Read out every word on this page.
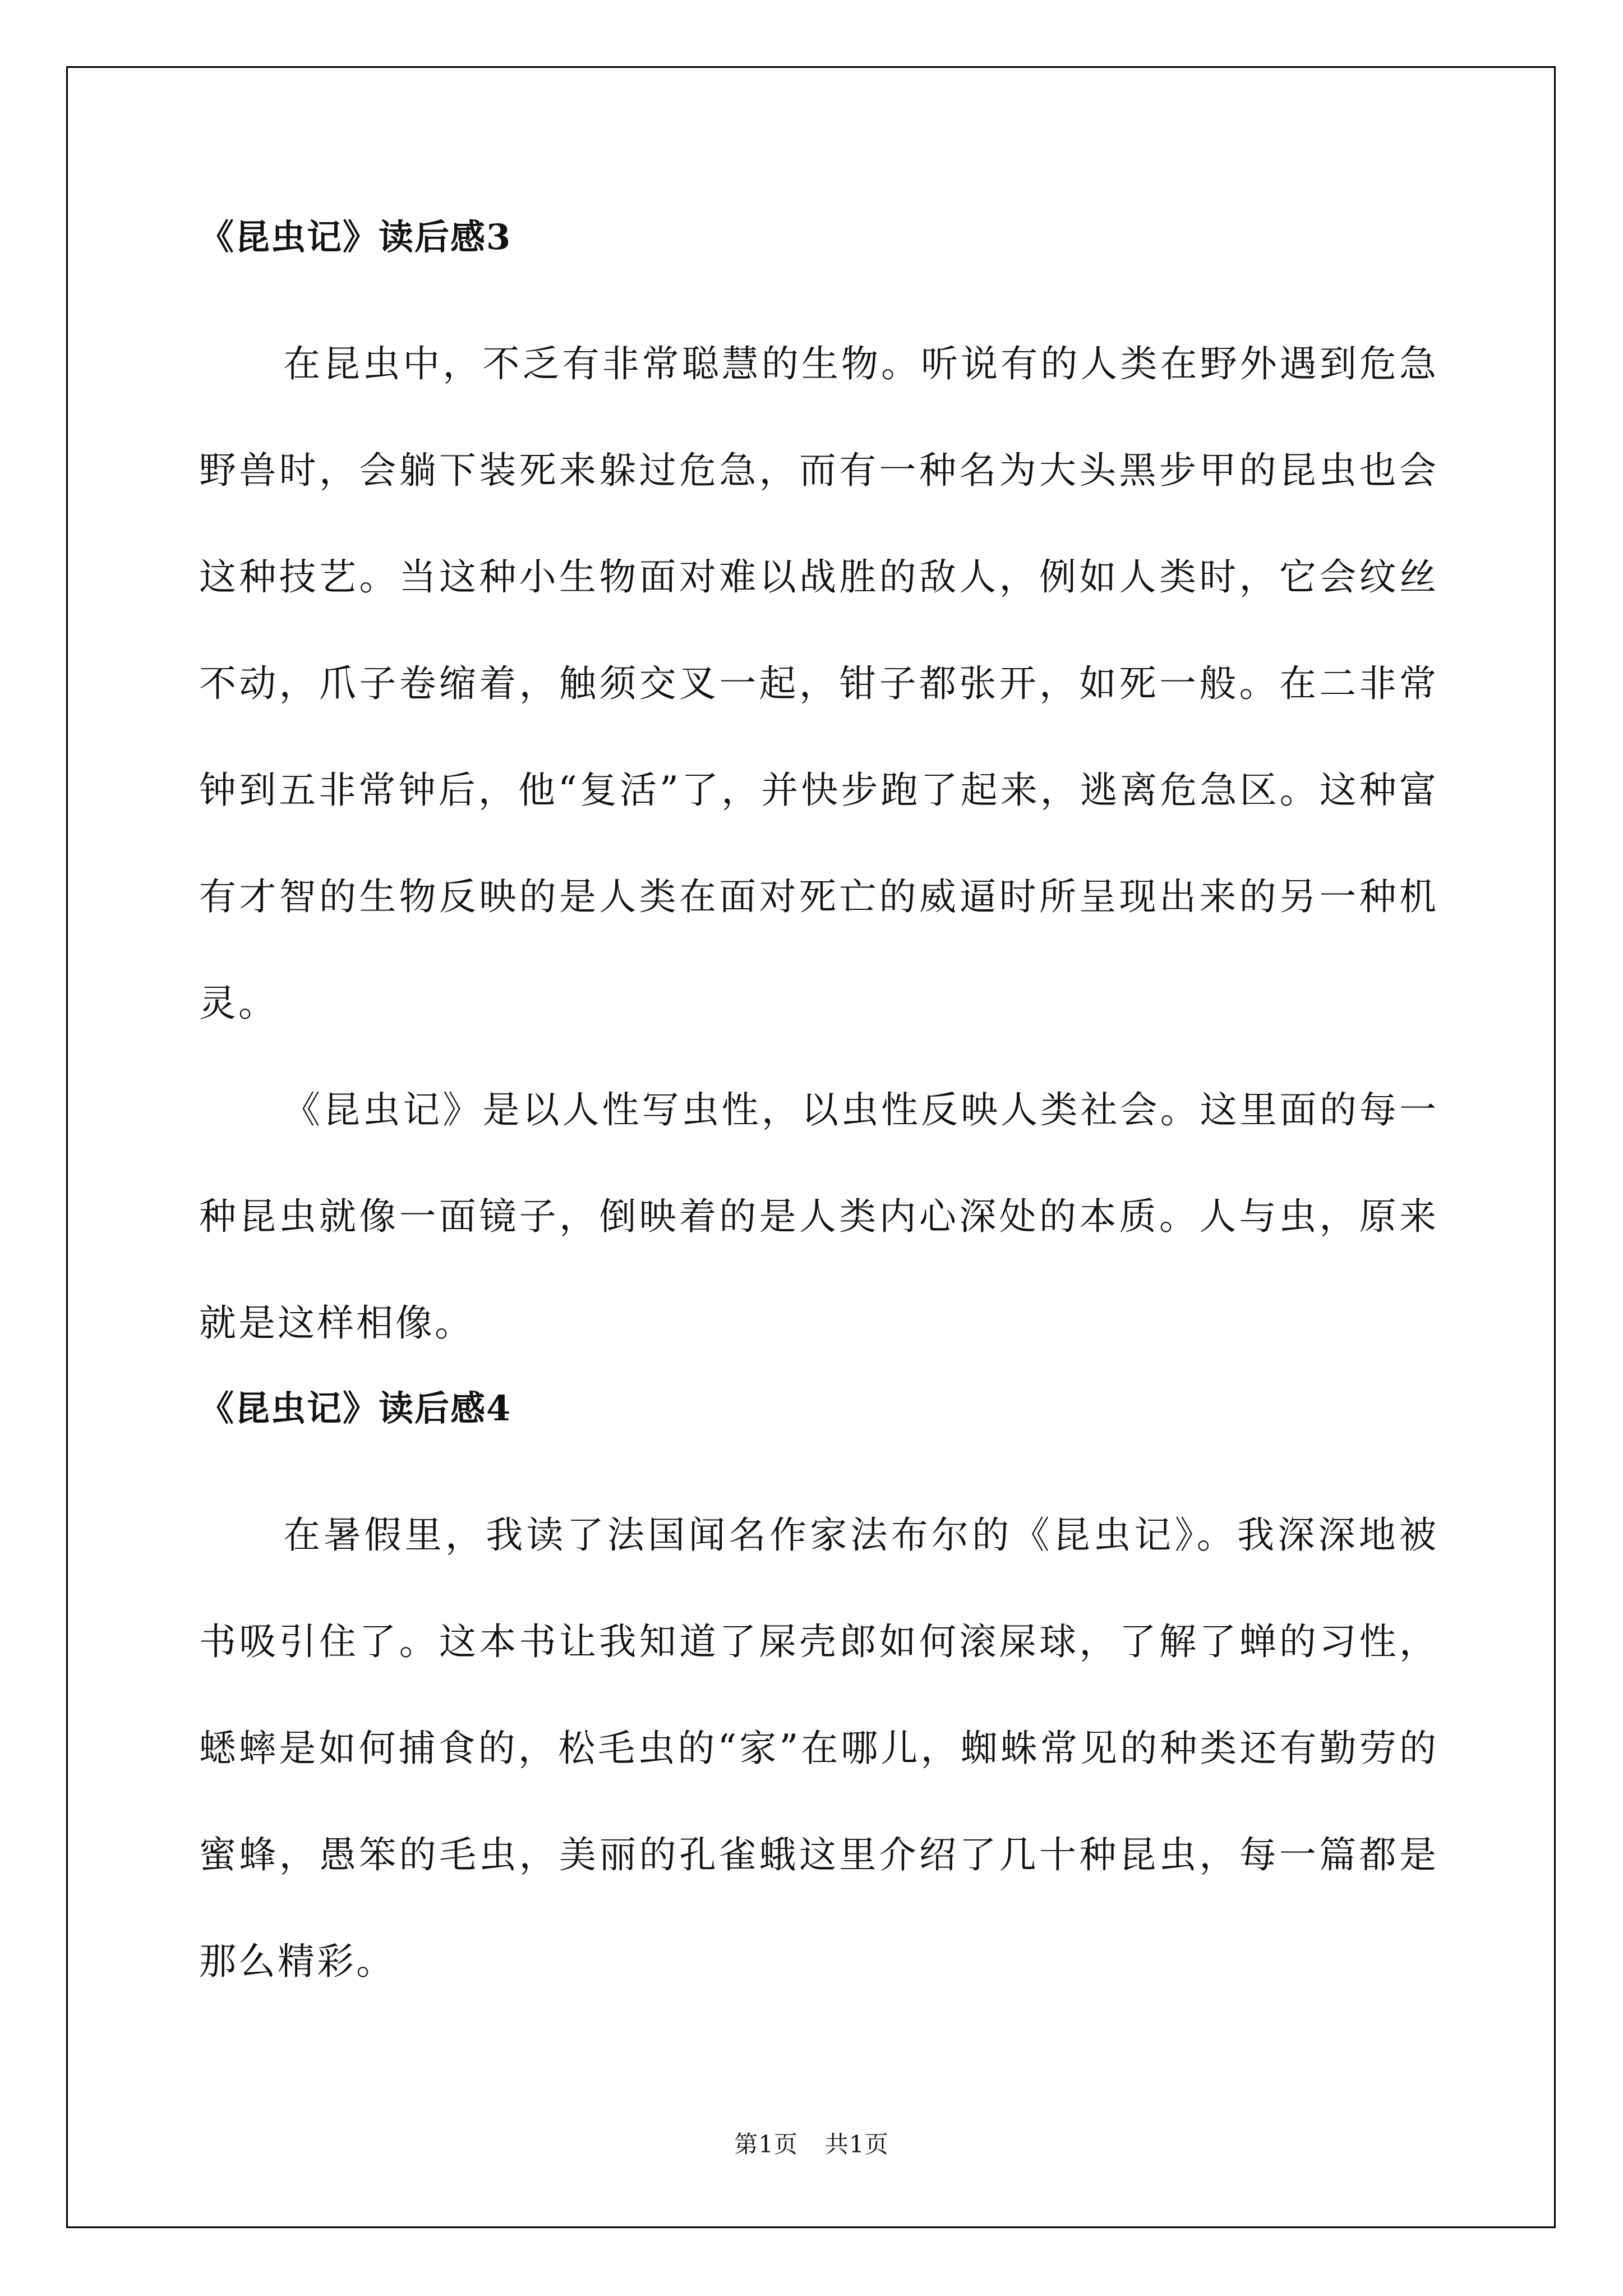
《昆虫记》读后感3

在昆虫中，不乏有非常聪慧的生物。听说有的人类在野外遇到危急野兽时，会躺下装死来躲过危急，而有一种名为大头黑步甲的昆虫也会这种技艺。当这种小生物面对难以战胜的敌人，例如人类时，它会纹丝不动，爪子卷缩着，触须交叉一起，钳子都张开，如死一般。在二非常钟到五非常钟后，他“复活”了，并快步跑了起来，逃离危急区。这种富有才智的生物反映的是人类在面对死亡的威逼时所呈现出来的另一种机灵。

《昆虫记》是以人性写虫性，以虫性反映人类社会。这里面的每一种昆虫就像一面镜子，倒映着的是人类内心深处的本质。人与虫，原来就是这样相像。

《昆虫记》读后感4

在暑假里，我读了法国闻名作家法布尔的《昆虫记》。我深深地被书吸引住了。这本书让我知道了屎壳郎如何滚屎球，了解了蝉的习性，蟋蟀是如何捕食的，松毛虫的“家”在哪儿，蜘蛛常见的种类还有勤劳的蜜蜂，愚笨的毛虫，美丽的孔雀蛾这里介绍了几十种昆虫，每一篇都是那么精彩。

第1页 共1页
